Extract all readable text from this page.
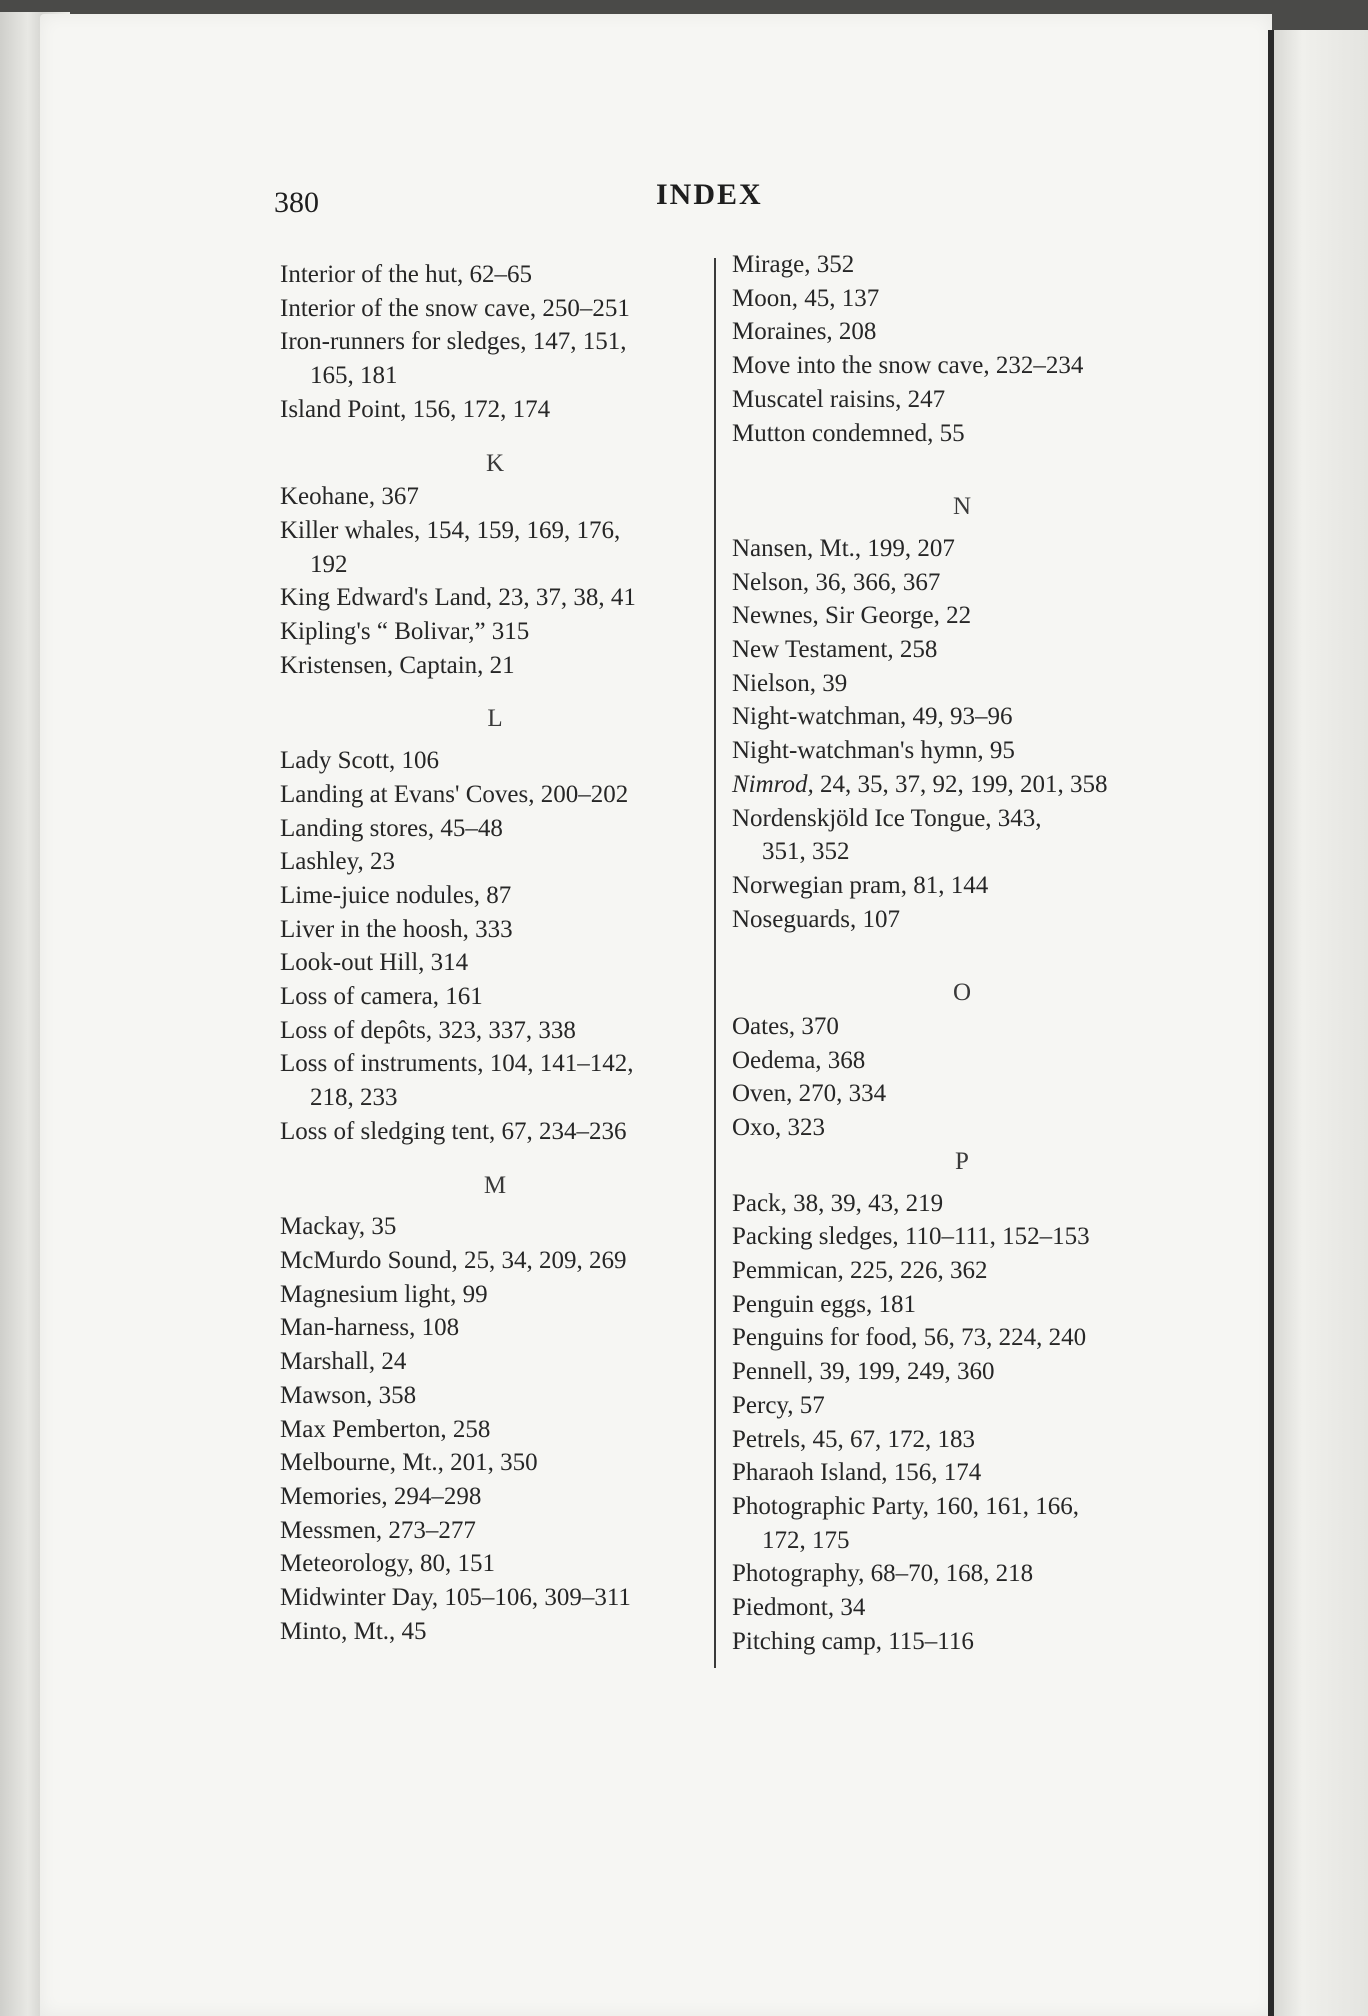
380	INDEX
Interior of the hut, 62–65
Interior of the snow cave, 250–251
Iron-runners for sledges, 147, 151,
165, 181
Island Point, 156, 172, 174
K
Keohane, 367
Killer whales, 154, 159, 169, 176,
192
King Edward's Land, 23, 37, 38, 41
Kipling's “ Bolivar,” 315
Kristensen, Captain, 21
L
Lady Scott, 106
Landing at Evans' Coves, 200–202
Landing stores, 45–48
Lashley, 23
Lime-juice nodules, 87
Liver in the hoosh, 333
Look-out Hill, 314
Loss of camera, 161
Loss of depôts, 323, 337, 338
Loss of instruments, 104, 141–142,
218, 233
Loss of sledging tent, 67, 234–236
M
Mackay, 35
McMurdo Sound, 25, 34, 209, 269
Magnesium light, 99
Man-harness, 108
Marshall, 24
Mawson, 358
Max Pemberton, 258
Melbourne, Mt., 201, 350
Memories, 294–298
Messmen, 273–277
Meteorology, 80, 151
Midwinter Day, 105–106, 309–311
Minto, Mt., 45
Mirage, 352
Moon, 45, 137
Moraines, 208
Move into the snow cave, 232–234
Muscatel raisins, 247
Mutton condemned, 55
N
Nansen, Mt., 199, 207
Nelson, 36, 366, 367
Newnes, Sir George, 22
New Testament, 258
Nielson, 39
Night-watchman, 49, 93–96
Night-watchman's hymn, 95
Nimrod, 24, 35, 37, 92, 199, 201, 358
Nordenskjöld Ice Tongue, 343,
351, 352
Norwegian pram, 81, 144
Noseguards, 107
O
Oates, 370
Oedema, 368
Oven, 270, 334
Oxo, 323
P
Pack, 38, 39, 43, 219
Packing sledges, 110–111, 152–153
Pemmican, 225, 226, 362
Penguin eggs, 181
Penguins for food, 56, 73, 224, 240
Pennell, 39, 199, 249, 360
Percy, 57
Petrels, 45, 67, 172, 183
Pharaoh Island, 156, 174
Photographic Party, 160, 161, 166,
172, 175
Photography, 68–70, 168, 218
Piedmont, 34
Pitching camp, 115–116
